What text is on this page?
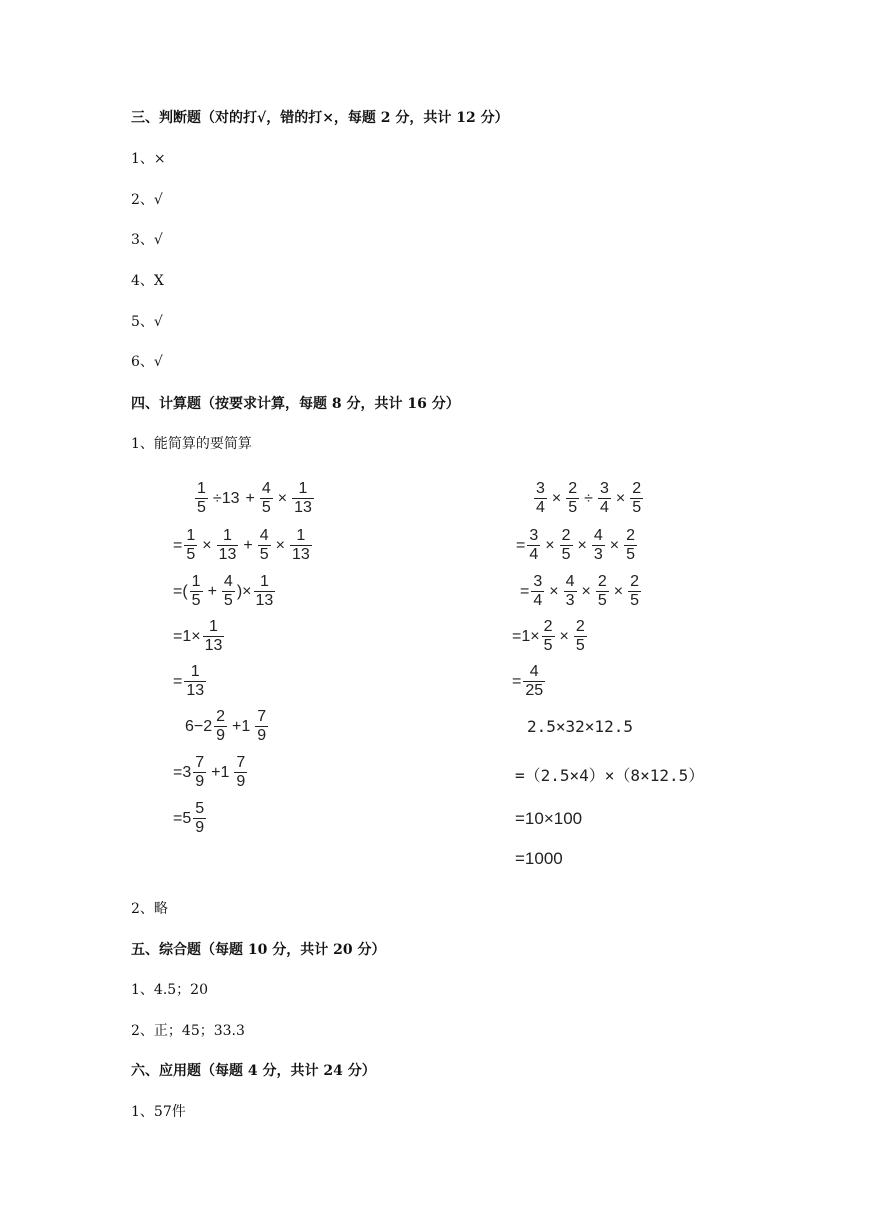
三、判断题（对的打√，错的打×，每题 2 分，共计 12 分）
1、×
2、√
3、√
4、X
5、√
6、√
四、计算题（按要求计算，每题 8 分，共计 16 分）
1、能简算的要简算
$\frac{1}{5} \div 13 + \frac{4}{5} \times \frac{1}{13}$
= $\frac{1}{5} \times \frac{1}{13} + \frac{4}{5} \times \frac{1}{13}$
=( $\frac{1}{5} + \frac{4}{5}$ )× $\frac{1}{13}$
$=1\times \frac{1}{13}$
= $\frac{1}{13}$
$6-2 \frac{2}{9} +1 \frac{7}{9}$
$=3 \frac{7}{9} +1 \frac{7}{9}$
$=5 \frac{5}{9}$
$\frac{3}{4} \times \frac{2}{5} \div \frac{3}{4} \times \frac{2}{5}$
= $\frac{3}{4} \times \frac{2}{5} \times \frac{4}{3} \times \frac{2}{5}$
= $\frac{3}{4} \times \frac{4}{3} \times \frac{2}{5} \times \frac{2}{5}$
$=1\times \frac{2}{5} \times \frac{2}{5}$
= $\frac{4}{25}$
2.5×32×12.5
=（2.5×4）×（8×12.5）
=10×100
=1000
2、略
五、综合题（每题 10 分，共计 20 分）
1、4.5；20
2、正；45；33.3
六、应用题（每题 4 分，共计 24 分）
1、57件
